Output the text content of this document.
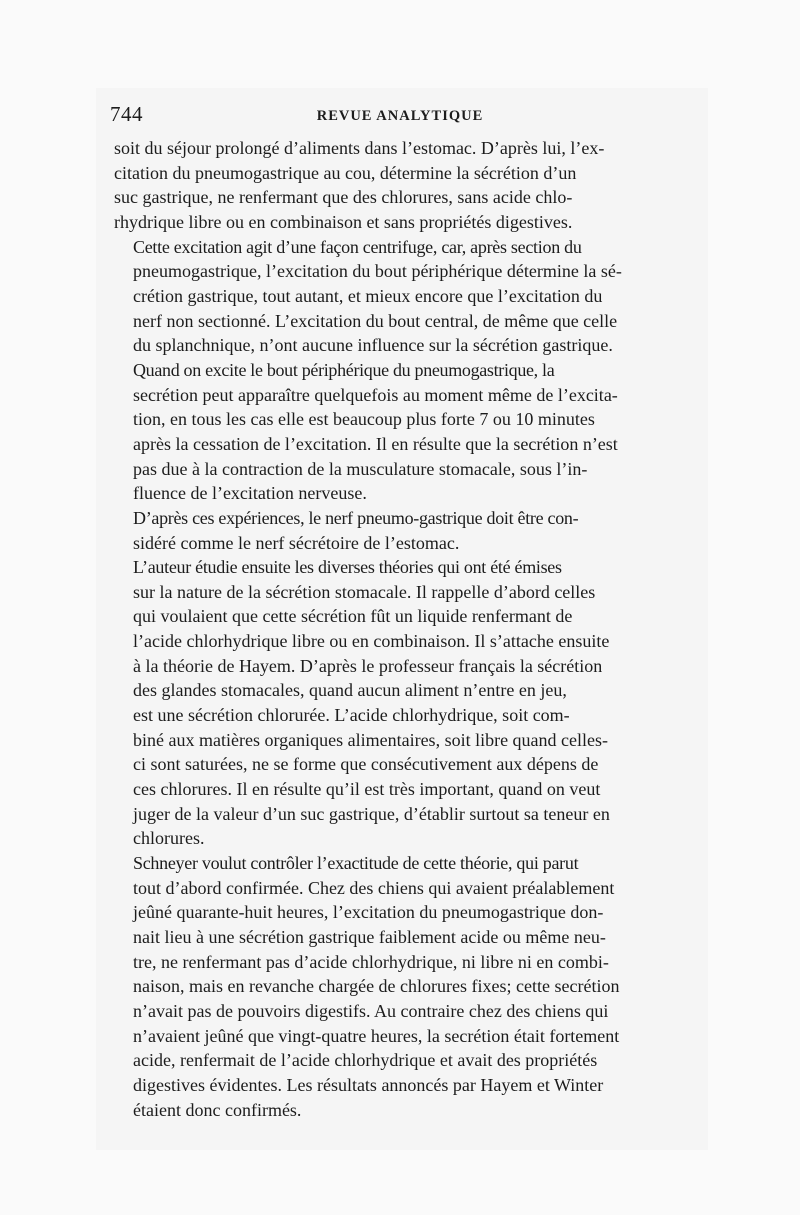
744	REVUE ANALYTIQUE

soit du séjour prolongé d’aliments dans l’estomac. D’après lui, l’ex-
citation du pneumogastrique au cou, détermine la sécrétion d’un
suc gastrique, ne renfermant que des chlorures, sans acide chlo-
rhydrique libre ou en combinaison et sans propriétés digestives.

Cette excitation agit d’une façon centrifuge, car, après section du
pneumogastrique, l’excitation du bout périphérique détermine la sé-
crétion gastrique, tout autant, et mieux encore que l’excitation du
nerf non sectionné. L’excitation du bout central, de même que celle
du splanchnique, n’ont aucune influence sur la sécrétion gastrique.

Quand on excite le bout périphérique du pneumogastrique, la
secrétion peut apparaître quelquefois au moment même de l’excita-
tion, en tous les cas elle est beaucoup plus forte 7 ou 10 minutes
après la cessation de l’excitation. Il en résulte que la secrétion n’est
pas due à la contraction de la musculature stomacale, sous l’in-
fluence de l’excitation nerveuse.

D’après ces expériences, le nerf pneumo-gastrique doit être con-
sidéré comme le nerf sécrétoire de l’estomac.

L’auteur étudie ensuite les diverses théories qui ont été émises
sur la nature de la sécrétion stomacale. Il rappelle d’abord celles
qui voulaient que cette sécrétion fût un liquide renfermant de
l’acide chlorhydrique libre ou en combinaison. Il s’attache ensuite
à la théorie de Hayem. D’après le professeur français la sécrétion
des glandes stomacales, quand aucun aliment n’entre en jeu,
est une sécrétion chlorurée. L’acide chlorhydrique, soit com-
biné aux matières organiques alimentaires, soit libre quand celles-
ci sont saturées, ne se forme que consécutivement aux dépens de
ces chlorures. Il en résulte qu’il est très important, quand on veut
juger de la valeur d’un suc gastrique, d’établir surtout sa teneur en
chlorures.

Schneyer voulut contrôler l’exactitude de cette théorie, qui parut
tout d’abord confirmée. Chez des chiens qui avaient préalablement
jeûné quarante-huit heures, l’excitation du pneumogastrique don-
nait lieu à une sécrétion gastrique faiblement acide ou même neu-
tre, ne renfermant pas d’acide chlorhydrique, ni libre ni en combi-
naison, mais en revanche chargée de chlorures fixes; cette secrétion
n’avait pas de pouvoirs digestifs. Au contraire chez des chiens qui
n’avaient jeûné que vingt-quatre heures, la secrétion était fortement
acide, renfermait de l’acide chlorhydrique et avait des propriétés
digestives évidentes. Les résultats annoncés par Hayem et Winter
étaient donc confirmés.
